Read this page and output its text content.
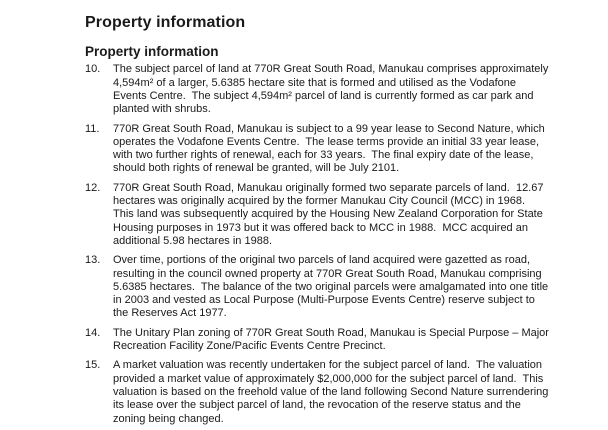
Property information
Property information
10.	The subject parcel of land at 770R Great South Road, Manukau comprises approximately 4,594m² of a larger, 5.6385 hectare site that is formed and utilised as the Vodafone Events Centre.  The subject 4,594m² parcel of land is currently formed as car park and planted with shrubs.
11.	770R Great South Road, Manukau is subject to a 99 year lease to Second Nature, which operates the Vodafone Events Centre.  The lease terms provide an initial 33 year lease, with two further rights of renewal, each for 33 years.  The final expiry date of the lease, should both rights of renewal be granted, will be July 2101.
12.	770R Great South Road, Manukau originally formed two separate parcels of land.  12.67 hectares was originally acquired by the former Manukau City Council (MCC) in 1968.  This land was subsequently acquired by the Housing New Zealand Corporation for State Housing purposes in 1973 but it was offered back to MCC in 1988.  MCC acquired an additional 5.98 hectares in 1988.
13.	Over time, portions of the original two parcels of land acquired were gazetted as road, resulting in the council owned property at 770R Great South Road, Manukau comprising 5.6385 hectares.  The balance of the two original parcels were amalgamated into one title in 2003 and vested as Local Purpose (Multi-Purpose Events Centre) reserve subject to the Reserves Act 1977.
14.	The Unitary Plan zoning of 770R Great South Road, Manukau is Special Purpose – Major Recreation Facility Zone/Pacific Events Centre Precinct.
15.	A market valuation was recently undertaken for the subject parcel of land.  The valuation provided a market value of approximately $2,000,000 for the subject parcel of land.  This valuation is based on the freehold value of the land following Second Nature surrendering its lease over the subject parcel of land, the revocation of the reserve status and the zoning being changed.
